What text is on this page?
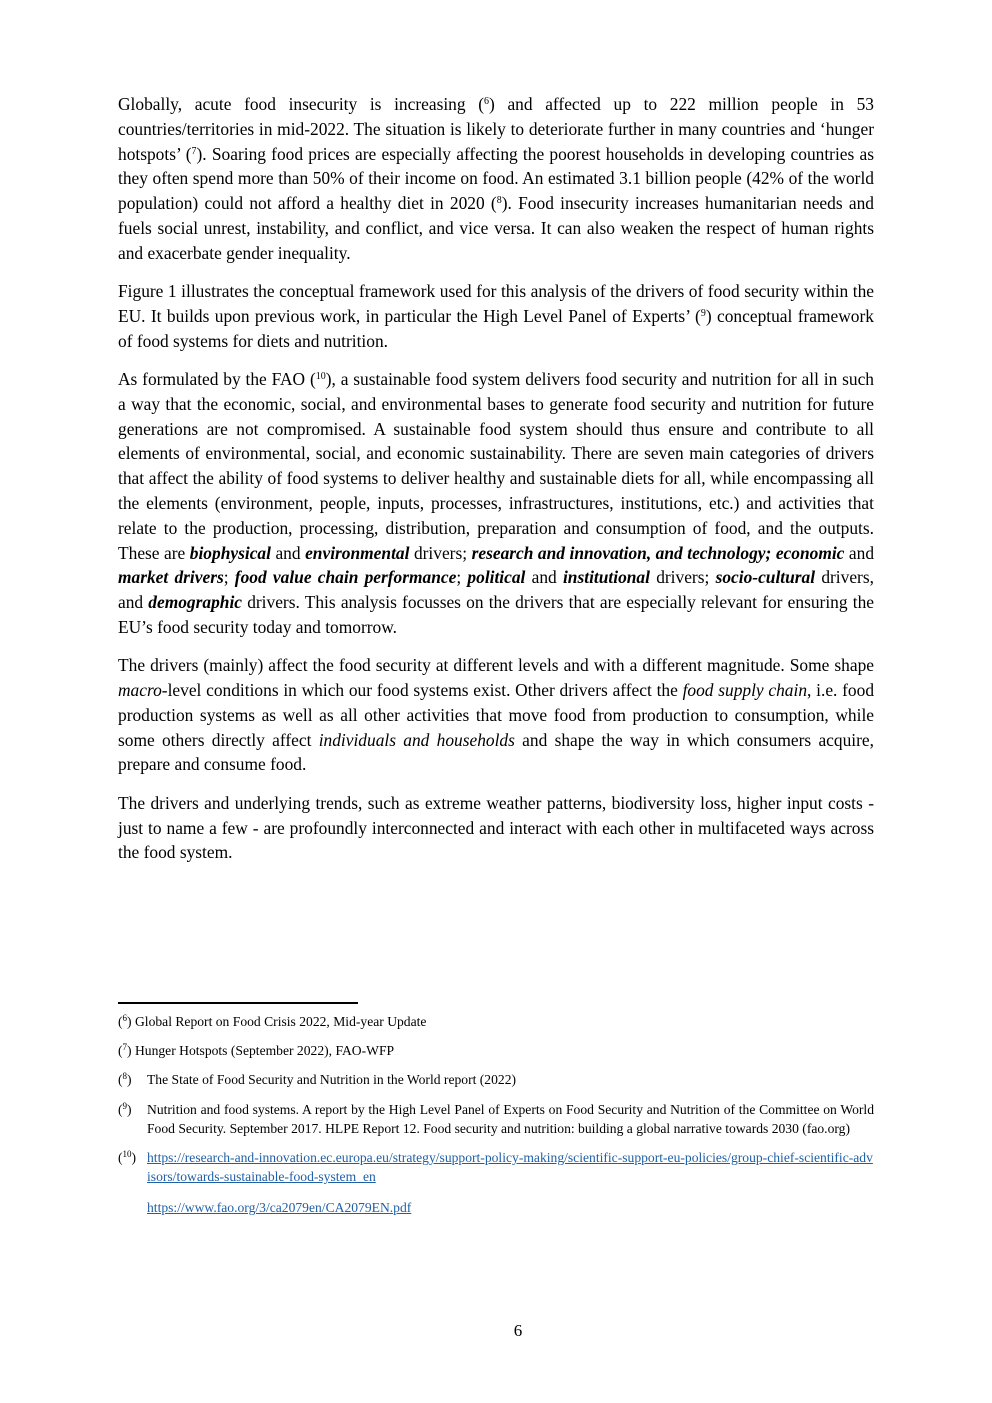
Globally, acute food insecurity is increasing ($^6$) and affected up to 222 million people in 53 countries/territories in mid-2022. The situation is likely to deteriorate further in many countries and ‘hunger hotspots’ ($^7$). Soaring food prices are especially affecting the poorest households in developing countries as they often spend more than 50% of their income on food. An estimated 3.1 billion people (42% of the world population) could not afford a healthy diet in 2020 ($^8$). Food insecurity increases humanitarian needs and fuels social unrest, instability, and conflict, and vice versa. It can also weaken the respect of human rights and exacerbate gender inequality.

Figure 1 illustrates the conceptual framework used for this analysis of the drivers of food security within the EU. It builds upon previous work, in particular the High Level Panel of Experts’ ($^9$) conceptual framework of food systems for diets and nutrition.

As formulated by the FAO ($^{10}$), a sustainable food system delivers food security and nutrition for all in such a way that the economic, social, and environmental bases to generate food security and nutrition for future generations are not compromised. A sustainable food system should thus ensure and contribute to all elements of environmental, social, and economic sustainability. There are seven main categories of drivers that affect the ability of food systems to deliver healthy and sustainable diets for all, while encompassing all the elements (environment, people, inputs, processes, infrastructures, institutions, etc.) and activities that relate to the production, processing, distribution, preparation and consumption of food, and the outputs. These are biophysical and environmental drivers; research and innovation, and technology; economic and market drivers; food value chain performance; political and institutional drivers; socio-cultural drivers, and demographic drivers. This analysis focusses on the drivers that are especially relevant for ensuring the EU’s food security today and tomorrow.

The drivers (mainly) affect the food security at different levels and with a different magnitude. Some shape macro-level conditions in which our food systems exist. Other drivers affect the food supply chain, i.e. food production systems as well as all other activities that move food from production to consumption, while some others directly affect individuals and households and shape the way in which consumers acquire, prepare and consume food.

The drivers and underlying trends, such as extreme weather patterns, biodiversity loss, higher input costs - just to name a few - are profoundly interconnected and interact with each other in multifaceted ways across the food system.

($^6$) Global Report on Food Crisis 2022, Mid-year Update
($^7$) Hunger Hotspots (September 2022), FAO-WFP
($^8$)	The State of Food Security and Nutrition in the World report (2022)
($^9$)	Nutrition and food systems. A report by the High Level Panel of Experts on Food Security and Nutrition of the Committee on World Food Security. September 2017. HLPE Report 12. Food security and nutrition: building a global narrative towards 2030 (fao.org)
($^{10}$) https://research-and-innovation.ec.europa.eu/strategy/support-policy-making/scientific-support-eu-policies/group-chief-scientific-advisors/towards-sustainable-food-system_en
https://www.fao.org/3/ca2079en/CA2079EN.pdf
6
